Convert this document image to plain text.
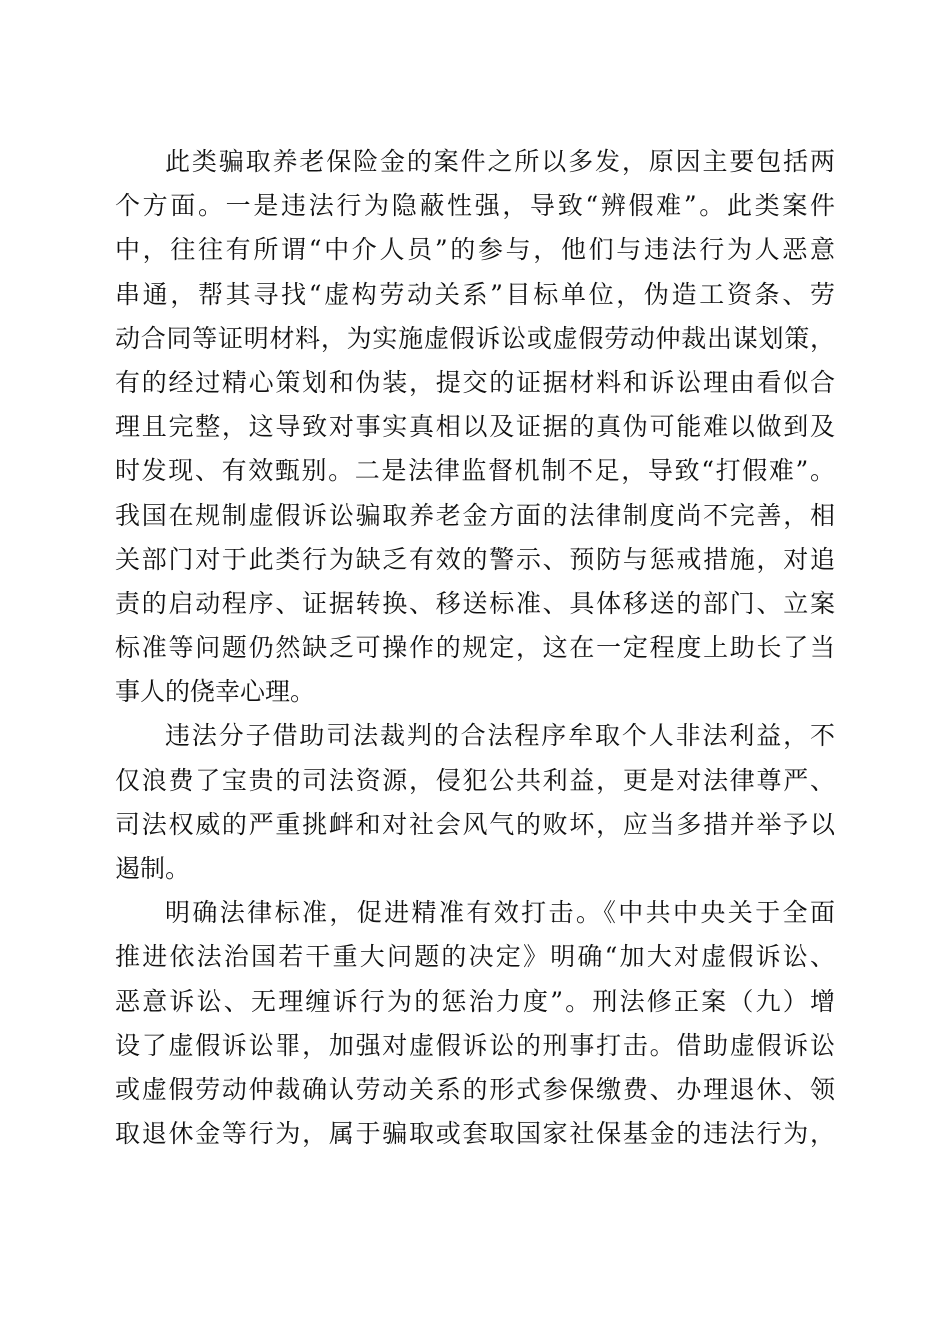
此类骗取养老保险金的案件之所以多发，原因主要包括两
个方面。一是违法行为隐蔽性强，导致“辨假难”。此类案件
中，往往有所谓“中介人员”的参与，他们与违法行为人恶意
串通，帮其寻找“虚构劳动关系”目标单位，伪造工资条、劳
动合同等证明材料，为实施虚假诉讼或虚假劳动仲裁出谋划策，
有的经过精心策划和伪装，提交的证据材料和诉讼理由看似合
理且完整，这导致对事实真相以及证据的真伪可能难以做到及
时发现、有效甄别。二是法律监督机制不足，导致“打假难”。
我国在规制虚假诉讼骗取养老金方面的法律制度尚不完善，相
关部门对于此类行为缺乏有效的警示、预防与惩戒措施，对追
责的启动程序、证据转换、移送标准、具体移送的部门、立案
标准等问题仍然缺乏可操作的规定，这在一定程度上助长了当
事人的侥幸心理。
违法分子借助司法裁判的合法程序牟取个人非法利益，不
仅浪费了宝贵的司法资源，侵犯公共利益，更是对法律尊严、
司法权威的严重挑衅和对社会风气的败坏，应当多措并举予以
遏制。
明确法律标准，促进精准有效打击。《中共中央关于全面
推进依法治国若干重大问题的决定》明确“加大对虚假诉讼、
恶意诉讼、无理缠诉行为的惩治力度”。刑法修正案（九）增
设了虚假诉讼罪，加强对虚假诉讼的刑事打击。借助虚假诉讼
或虚假劳动仲裁确认劳动关系的形式参保缴费、办理退休、领
取退休金等行为，属于骗取或套取国家社保基金的违法行为，
